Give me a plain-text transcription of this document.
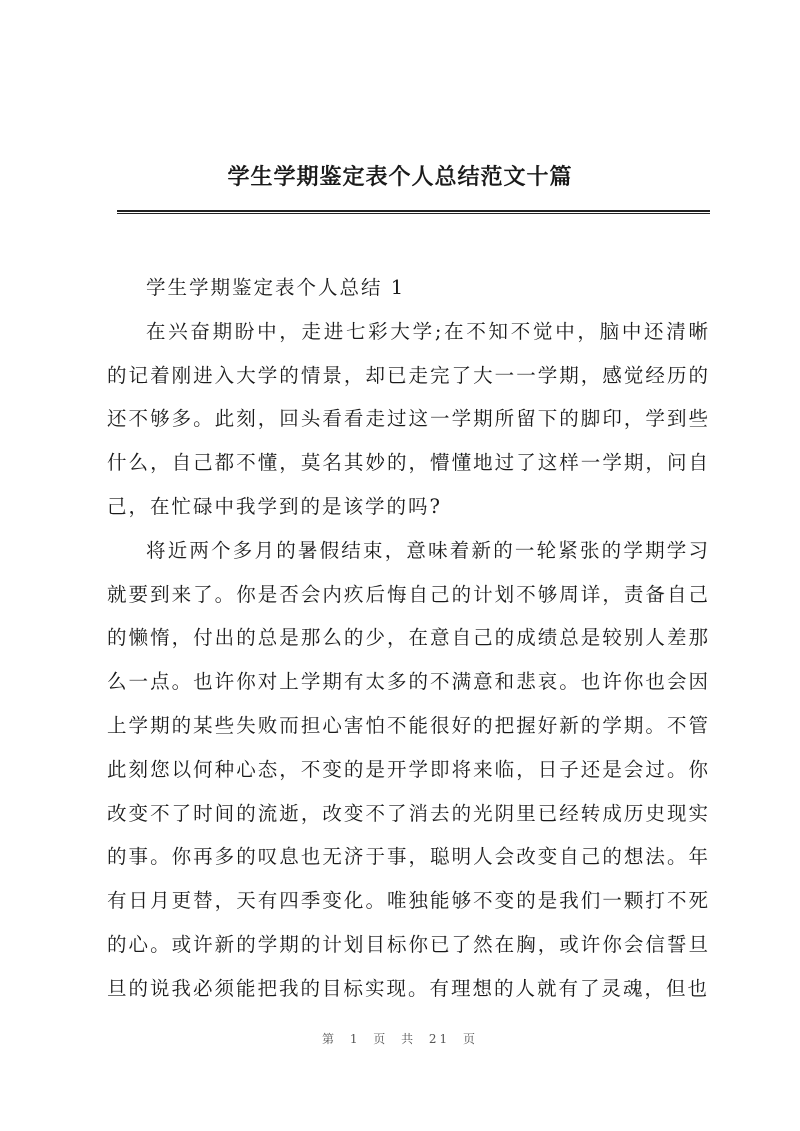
学生学期鉴定表个人总结范文十篇
学生学期鉴定表个人总结 1

在兴奋期盼中，走进七彩大学;在不知不觉中，脑中还清晰的记着刚进入大学的情景，却已走完了大一一学期，感觉经历的还不够多。此刻，回头看看走过这一学期所留下的脚印，学到些什么，自己都不懂，莫名其妙的，懵懂地过了这样一学期，问自己，在忙碌中我学到的是该学的吗?

将近两个多月的暑假结束，意味着新的一轮紧张的学期学习就要到来了。你是否会内疚后悔自己的计划不够周详，责备自己的懒惰，付出的总是那么的少，在意自己的成绩总是较别人差那么一点。也许你对上学期有太多的不满意和悲哀。也许你也会因上学期的某些失败而担心害怕不能很好的把握好新的学期。不管此刻您以何种心态，不变的是开学即将来临，日子还是会过。你改变不了时间的流逝，改变不了消去的光阴里已经转成历史现实的事。你再多的叹息也无济于事，聪明人会改变自己的想法。年有日月更替，天有四季变化。唯独能够不变的是我们一颗打不死的心。或许新的学期的计划目标你已了然在胸，或许你会信誓旦旦的说我必须能把我的目标实现。有理想的人就有了灵魂，但也

第 1 页 共 21 页
